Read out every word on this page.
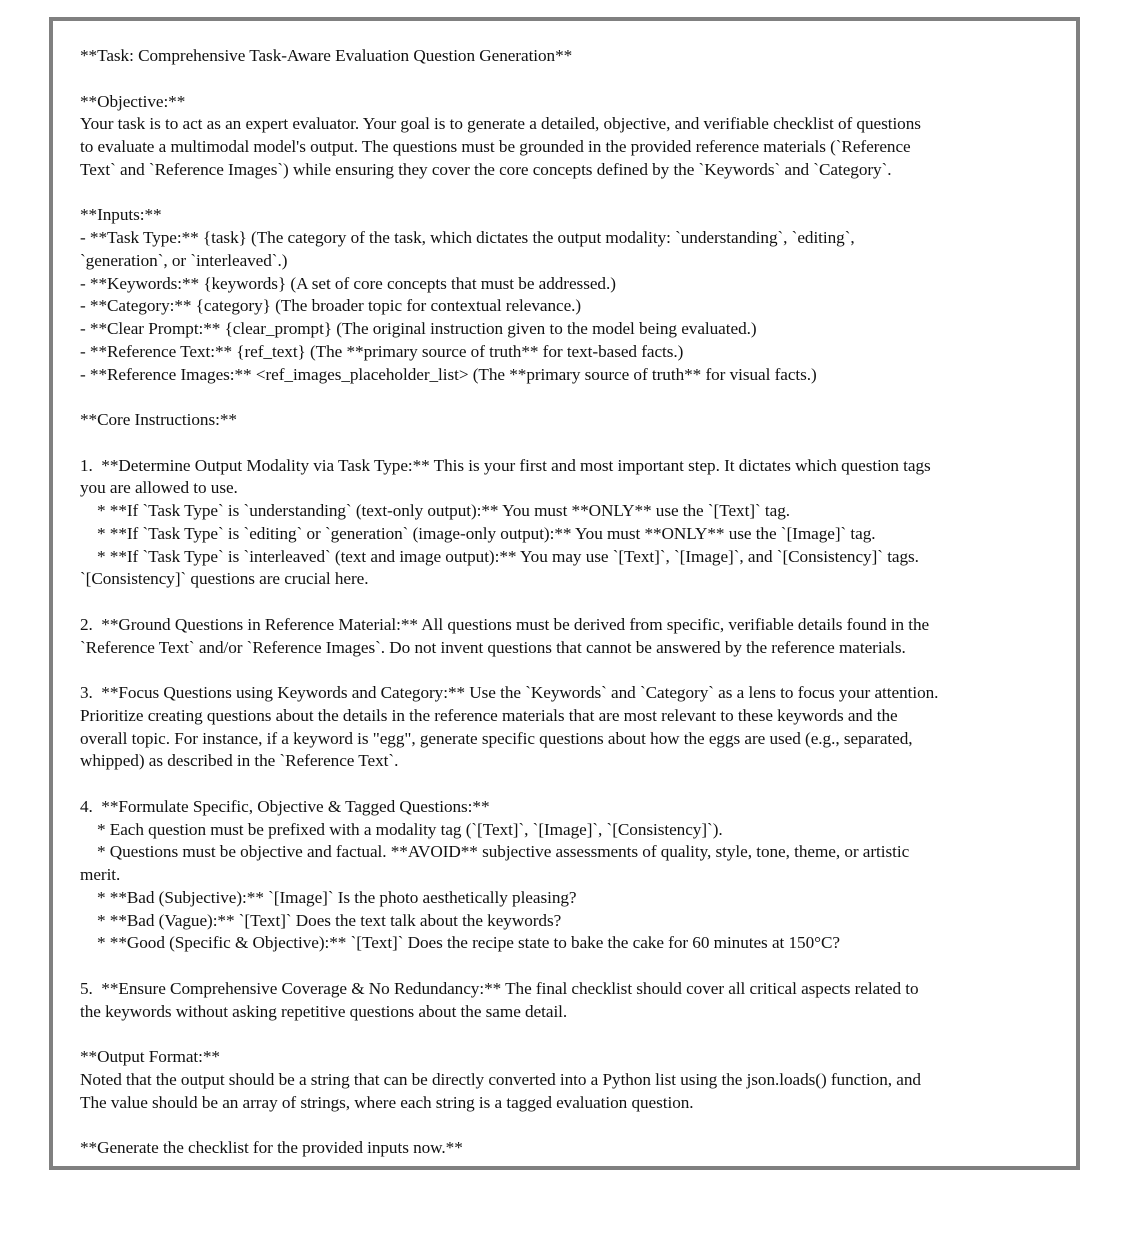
**Task: Comprehensive Task-Aware Evaluation Question Generation**
**Objective:**
Your task is to act as an expert evaluator. Your goal is to generate a detailed, objective, and verifiable checklist of questions
to evaluate a multimodal model's output. The questions must be grounded in the provided reference materials (`Reference
Text` and `Reference Images`) while ensuring they cover the core concepts defined by the `Keywords` and `Category`.
**Inputs:**
- **Task Type:** {task} (The category of the task, which dictates the output modality: `understanding`, `editing`,
`generation`, or `interleaved`.)
- **Keywords:** {keywords} (A set of core concepts that must be addressed.)
- **Category:** {category} (The broader topic for contextual relevance.)
- **Clear Prompt:** {clear_prompt} (The original instruction given to the model being evaluated.)
- **Reference Text:** {ref_text} (The **primary source of truth** for text-based facts.)
- **Reference Images:** <ref_images_placeholder_list> (The **primary source of truth** for visual facts.)
**Core Instructions:**
1.  **Determine Output Modality via Task Type:** This is your first and most important step. It dictates which question tags
you are allowed to use.
* **If `Task Type` is `understanding` (text-only output):** You must **ONLY** use the `[Text]` tag.
* **If `Task Type` is `editing` or `generation` (image-only output):** You must **ONLY** use the `[Image]` tag.
* **If `Task Type` is `interleaved` (text and image output):** You may use `[Text]`, `[Image]`, and `[Consistency]` tags.
`[Consistency]` questions are crucial here.
2.  **Ground Questions in Reference Material:** All questions must be derived from specific, verifiable details found in the
`Reference Text` and/or `Reference Images`. Do not invent questions that cannot be answered by the reference materials.
3.  **Focus Questions using Keywords and Category:** Use the `Keywords` and `Category` as a lens to focus your attention.
Prioritize creating questions about the details in the reference materials that are most relevant to these keywords and the
overall topic. For instance, if a keyword is "egg", generate specific questions about how the eggs are used (e.g., separated,
whipped) as described in the `Reference Text`.
4.  **Formulate Specific, Objective & Tagged Questions:**
* Each question must be prefixed with a modality tag (`[Text]`, `[Image]`, `[Consistency]`).
* Questions must be objective and factual. **AVOID** subjective assessments of quality, style, tone, theme, or artistic
merit.
* **Bad (Subjective):** `[Image]` Is the photo aesthetically pleasing?
* **Bad (Vague):** `[Text]` Does the text talk about the keywords?
* **Good (Specific & Objective):** `[Text]` Does the recipe state to bake the cake for 60 minutes at 150°C?
5.  **Ensure Comprehensive Coverage & No Redundancy:** The final checklist should cover all critical aspects related to
the keywords without asking repetitive questions about the same detail.
**Output Format:**
Noted that the output should be a string that can be directly converted into a Python list using the json.loads() function, and
The value should be an array of strings, where each string is a tagged evaluation question.
**Generate the checklist for the provided inputs now.**
